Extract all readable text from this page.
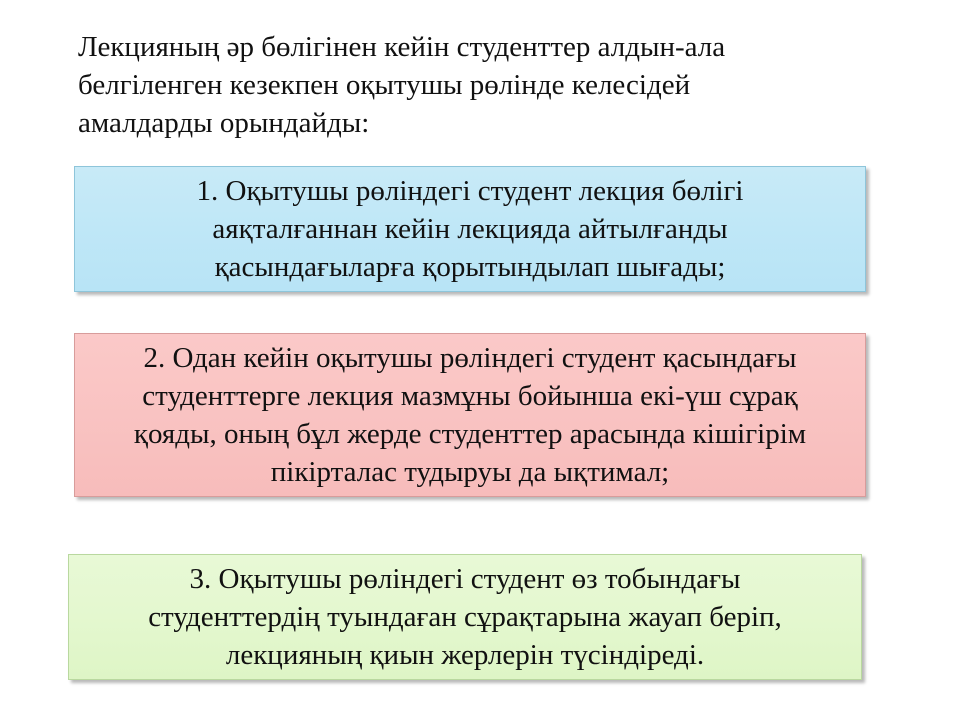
Лекцияның әр бөлігінен кейін студенттер алдын-ала
белгіленген кезекпен оқытушы рөлінде келесідей
амалдарды орындайды:
1. Оқытушы рөліндегі студент лекция бөлігі
аяқталғаннан кейін лекцияда айтылғанды
қасындағыларға қорытындылап шығады;
2. Одан кейін оқытушы рөліндегі студент қасындағы
студенттерге лекция мазмұны бойынша екі-үш сұрақ
қояды, оның бұл жерде студенттер арасында кішігірім
пікірталас тудыруы да ықтимал;
3. Оқытушы рөліндегі студент өз тобындағы
студенттердің туындаған сұрақтарына жауап беріп,
лекцияның қиын жерлерін түсіндіреді.
